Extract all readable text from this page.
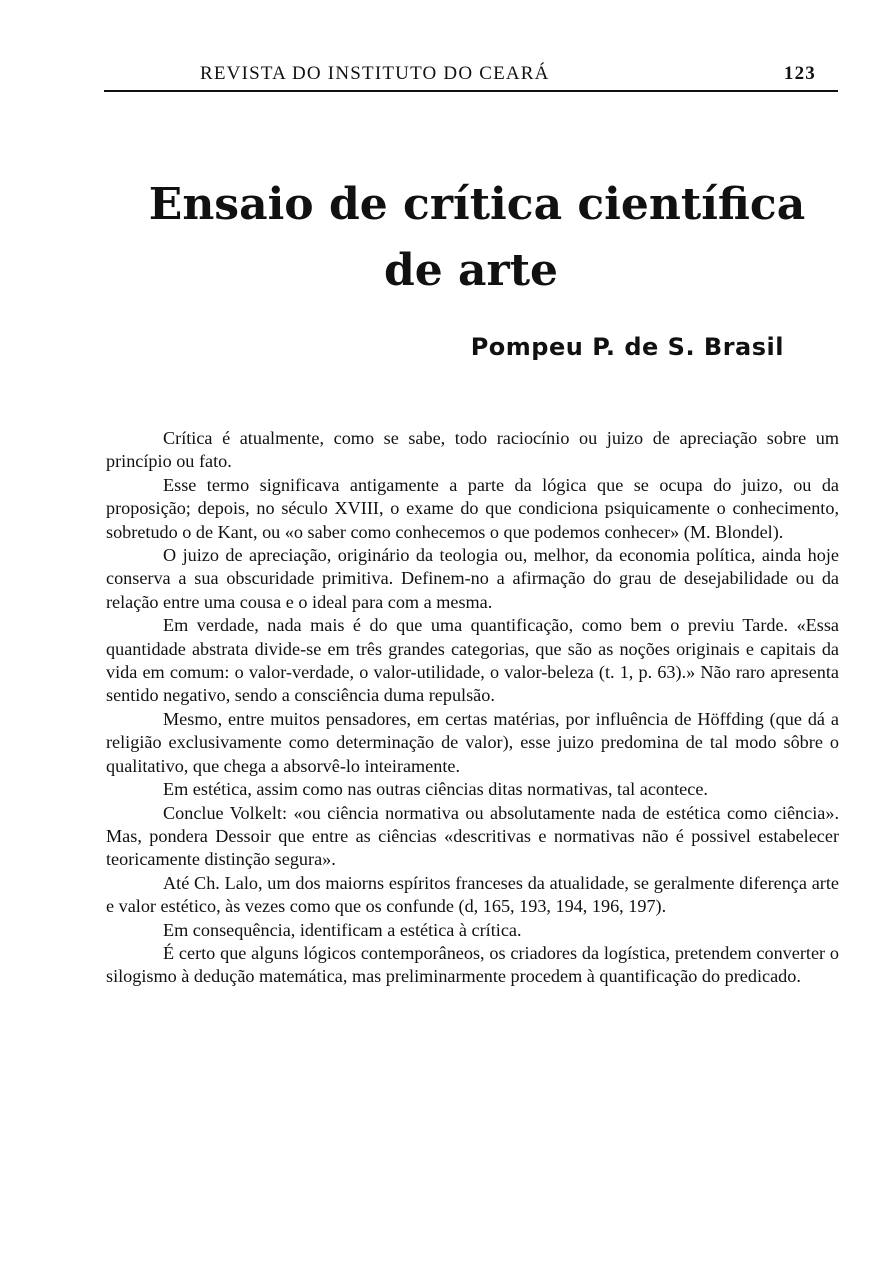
REVISTA DO INSTITUTO DO CEARÁ	123
Ensaio de crítica científica
de arte
Pompeu P. de S. Brasil

Crítica é atualmente, como se sabe, todo raciocínio ou juizo de apreciação sobre um princípio ou fato.

Esse termo significava antigamente a parte da lógica que se ocupa do juizo, ou da proposição; depois, no século XVIII, o exame do que condiciona psiquicamente o conhecimento, sobretudo o de Kant, ou «o saber como conhecemos o que podemos conhecer» (M. Blondel).

O juizo de apreciação, originário da teologia ou, melhor, da economia política, ainda hoje conserva a sua obscuridade primitiva. Definem-no a afirmação do grau de desejabilidade ou da relação entre uma cousa e o ideal para com a mesma.

Em verdade, nada mais é do que uma quantificação, como bem o previu Tarde. «Essa quantidade abstrata divide-se em três grandes categorias, que são as noções originais e capitais da vida em comum: o valor-verdade, o valor-utilidade, o valor-beleza (t. 1, p. 63).» Não raro apresenta sentido negativo, sendo a consciência duma repulsão.

Mesmo, entre muitos pensadores, em certas matérias, por influência de Höffding (que dá a religião exclusivamente como determinação de valor), esse juizo predomina de tal modo sôbre o qualitativo, que chega a absorvê-lo inteiramente.

Em estética, assim como nas outras ciências ditas normativas, tal acontece.

Conclue Volkelt: «ou ciência normativa ou absolutamente nada de estética como ciência». Mas, pondera Dessoir que entre as ciências «descritivas e normativas não é possivel estabelecer teoricamente distinção segura».

Até Ch. Lalo, um dos maiorns espíritos franceses da atualidade, se geralmente diferença arte e valor estético, às vezes como que os confunde (d, 165, 193, 194, 196, 197).

Em consequência, identificam a estética à crítica.

É certo que alguns lógicos contemporâneos, os criadores da logística, pretendem converter o silogismo à dedução matemática, mas preliminarmente procedem à quantificação do predicado.
